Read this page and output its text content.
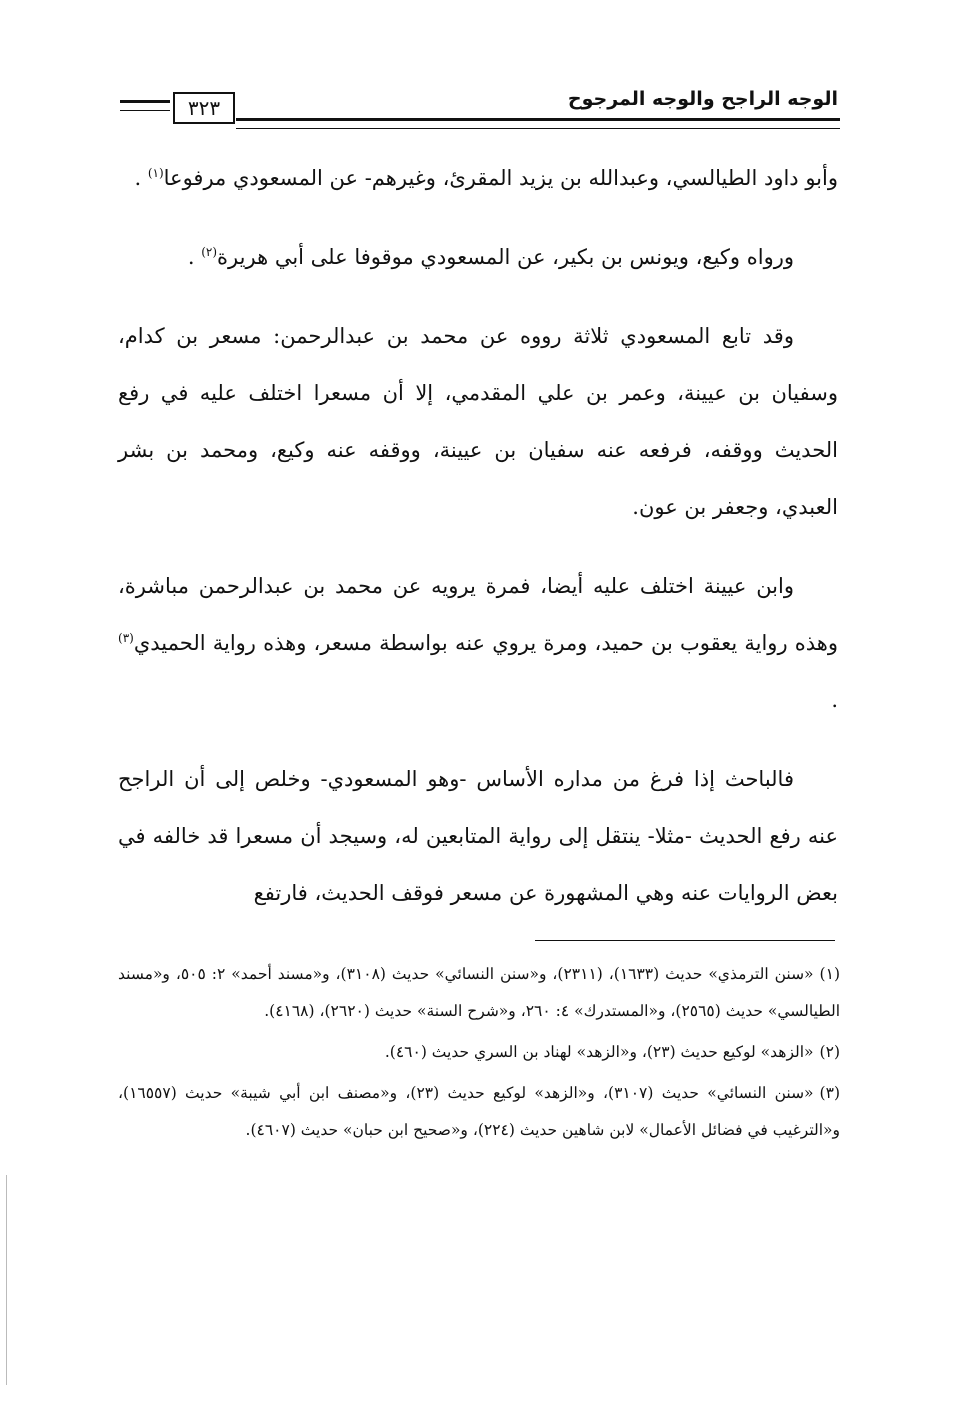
الوجه الراجح والوجه المرجوح
٣٢٣

وأبو داود الطيالسي، وعبدالله بن يزيد المقرئ، وغيرهم- عن المسعودي مرفوعا$^{(١)}$ .

ورواه وكيع، ويونس بن بكير، عن المسعودي موقوفا على أبي هريرة$^{(٢)}$ .

وقد تابع المسعودي ثلاثة رووه عن محمد بن عبدالرحمن: مسعر بن كدام، وسفيان بن عيينة، وعمر بن علي المقدمي، إلا أن مسعرا اختلف عليه في رفع الحديث ووقفه، فرفعه عنه سفيان بن عيينة، ووقفه عنه وكيع، ومحمد بن بشر العبدي، وجعفر بن عون.

وابن عيينة اختلف عليه أيضا، فمرة يرويه عن محمد بن عبدالرحمن مباشرة، وهذه رواية يعقوب بن حميد، ومرة يروي عنه بواسطة مسعر، وهذه رواية الحميدي$^{(٣)}$ .

فالباحث إذا فرغ من مداره الأساس -وهو المسعودي- وخلص إلى أن الراجح عنه رفع الحديث -مثلا- ينتقل إلى رواية المتابعين له، وسيجد أن مسعرا قد خالفه في بعض الروايات عنه وهي المشهورة عن مسعر فوقف الحديث، فارتفع

(١)«سنن الترمذي» حديث (١٦٣٣)، (٢٣١١)، و«سنن النسائي» حديث (٣١٠٨)، و«مسند أحمد» ٢: ٥٠٥، و«مسند الطيالسي» حديث (٢٥٦٥)، و«المستدرك» ٤: ٢٦٠، و«شرح السنة» حديث (٢٦٢٠)، (٤١٦٨).

(٢)«الزهد» لوكيع حديث (٢٣)، و«الزهد» لهناد بن السري حديث (٤٦٠).

(٣)«سنن النسائي» حديث (٣١٠٧)، و«الزهد» لوكيع حديث (٢٣)، و«مصنف ابن أبي شيبة» حديث (١٦٥٥٧)، و«الترغيب في فضائل الأعمال» لابن شاهين حديث (٢٢٤)، و«صحيح ابن حبان» حديث (٤٦٠٧).
